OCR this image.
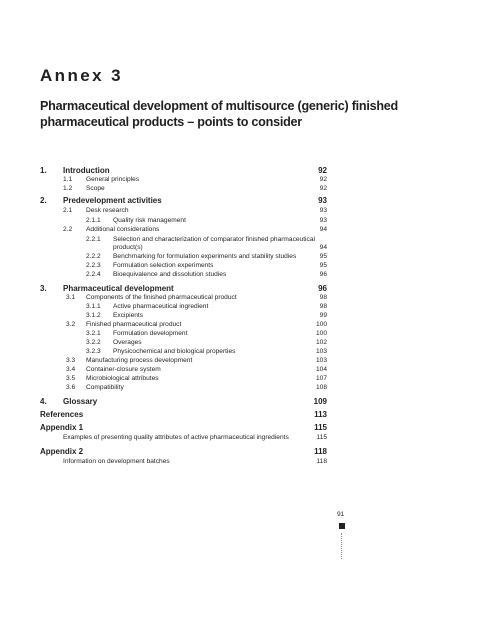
Annex 3
Pharmaceutical development of multisource (generic) finished pharmaceutical products – points to consider
1. Introduction	92
1.1 General principles	92
1.2 Scope	92
2. Predevelopment activities	93
2.1 Desk research	93
2.1.1 Quality risk management	93
2.2 Additional considerations	94
2.2.1 Selection and characterization of comparator finished pharmaceutical
product(s)	94
2.2.2 Benchmarking for formulation experiments and stability studies	95
2.2.3 Formulation selection experiments	95
2.2.4 Bioequivalence and dissolution studies	96
3. Pharmaceutical development	96
3.1 Components of the finished pharmaceutical product	98
3.1.1 Active pharmaceutical ingredient	98
3.1.2 Excipients	99
3.2 Finished pharmaceutical product	100
3.2.1 Formulation development	100
3.2.2 Overages	102
3.2.3 Physicochemical and biological properties	103
3.3 Manufacturing process development	103
3.4 Container-closure system	104
3.5 Microbiological attributes	107
3.6 Compatibility	108
4. Glossary	109
References	113
Appendix 1	115
Examples of presenting quality attributes of active pharmaceutical ingredients	115
Appendix 2	118
Information on development batches	118
91
